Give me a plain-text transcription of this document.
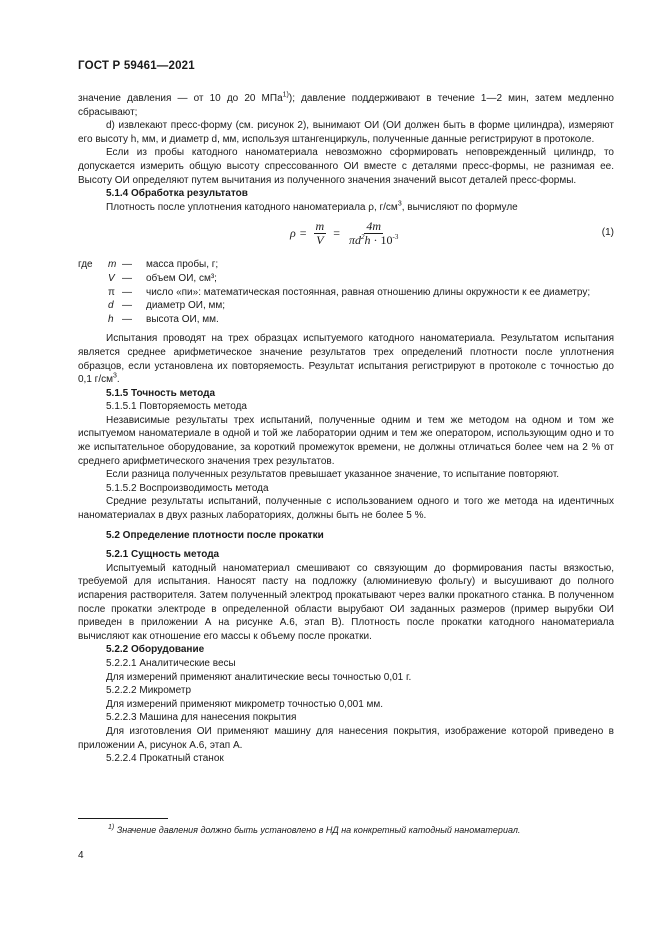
ГОСТ Р 59461—2021

значение давления — от 10 до 20 МПа$^{1)}$); давление поддерживают в течение 1—2 мин, затем медленно сбрасывают;

d) извлекают пресс-форму (см. рисунок 2), вынимают ОИ (ОИ должен быть в форме цилиндра), измеряют его высоту h, мм, и диаметр d, мм, используя штангенциркуль, полученные данные регистрируют в протоколе.

Если из пробы катодного наноматериала невозможно сформировать неповрежденный цилиндр, то допускается измерить общую высоту спрессованного ОИ вместе с деталями пресс-формы, не разнимая ее. Высоту ОИ определяют путем вычитания из полученного значения значений высот деталей пресс-формы.

5.1.4 Обработка результатов

Плотность после уплотнения катодного наноматериала ρ, $г/см^3$, вычисляют по формуле

$\rho = \frac{m}{V} = \frac{4m}{\pi d^2h \cdot 10^{-3}}$	(1)
где	m —	масса пробы, г;
V —	объем ОИ, см³;
π —	число «пи»: математическая постоянная, равная отношению длины окружности к ее диаметру;
d —	диаметр ОИ, мм;
h —	высота ОИ, мм.

Испытания проводят на трех образцах испытуемого катодного наноматериала. Результатом испытания является среднее арифметическое значение результатов трех определений плотности после уплотнения образцов, если установлена их повторяемость. Результат испытания регистрируют в протоколе с точностью до 0,1 $г/см^3$.

5.1.5 Точность метода

5.1.5.1 Повторяемость метода

Независимые результаты трех испытаний, полученные одним и тем же методом на одном и том же испытуемом наноматериале в одной и той же лаборатории одним и тем же оператором, использующим одно и то же испытательное оборудование, за короткий промежуток времени, не должны отличаться более чем на 2 % от среднего арифметического значения трех результатов.

Если разница полученных результатов превышает указанное значение, то испытание повторяют.

5.1.5.2 Воспроизводимость метода

Средние результаты испытаний, полученные с использованием одного и того же метода на идентичных наноматериалах в двух разных лабораториях, должны быть не более 5 %.

5.2 Определение плотности после прокатки

5.2.1 Сущность метода

Испытуемый катодный наноматериал смешивают со связующим до формирования пасты вязкостью, требуемой для испытания. Наносят пасту на подложку (алюминиевую фольгу) и высушивают до полного испарения растворителя. Затем полученный электрод прокатывают через валки прокатного станка. В полученном после прокатки электроде в определенной области вырубают ОИ заданных размеров (пример вырубки ОИ приведен в приложении А на рисунке А.6, этап В). Плотность после прокатки катодного наноматериала вычисляют как отношение его массы к объему после прокатки.

5.2.2 Оборудование

5.2.2.1 Аналитические весы

Для измерений применяют аналитические весы точностью 0,01 г.

5.2.2.2 Микрометр

Для измерений применяют микрометр точностью 0,001 мм.

5.2.2.3 Машина для нанесения покрытия

Для изготовления ОИ применяют машину для нанесения покрытия, изображение которой приведено в приложении А, рисунок А.6, этап А.

5.2.2.4 Прокатный станок

$^{1)}$ Значение давления должно быть установлено в НД на конкретный катодный наноматериал.
4
